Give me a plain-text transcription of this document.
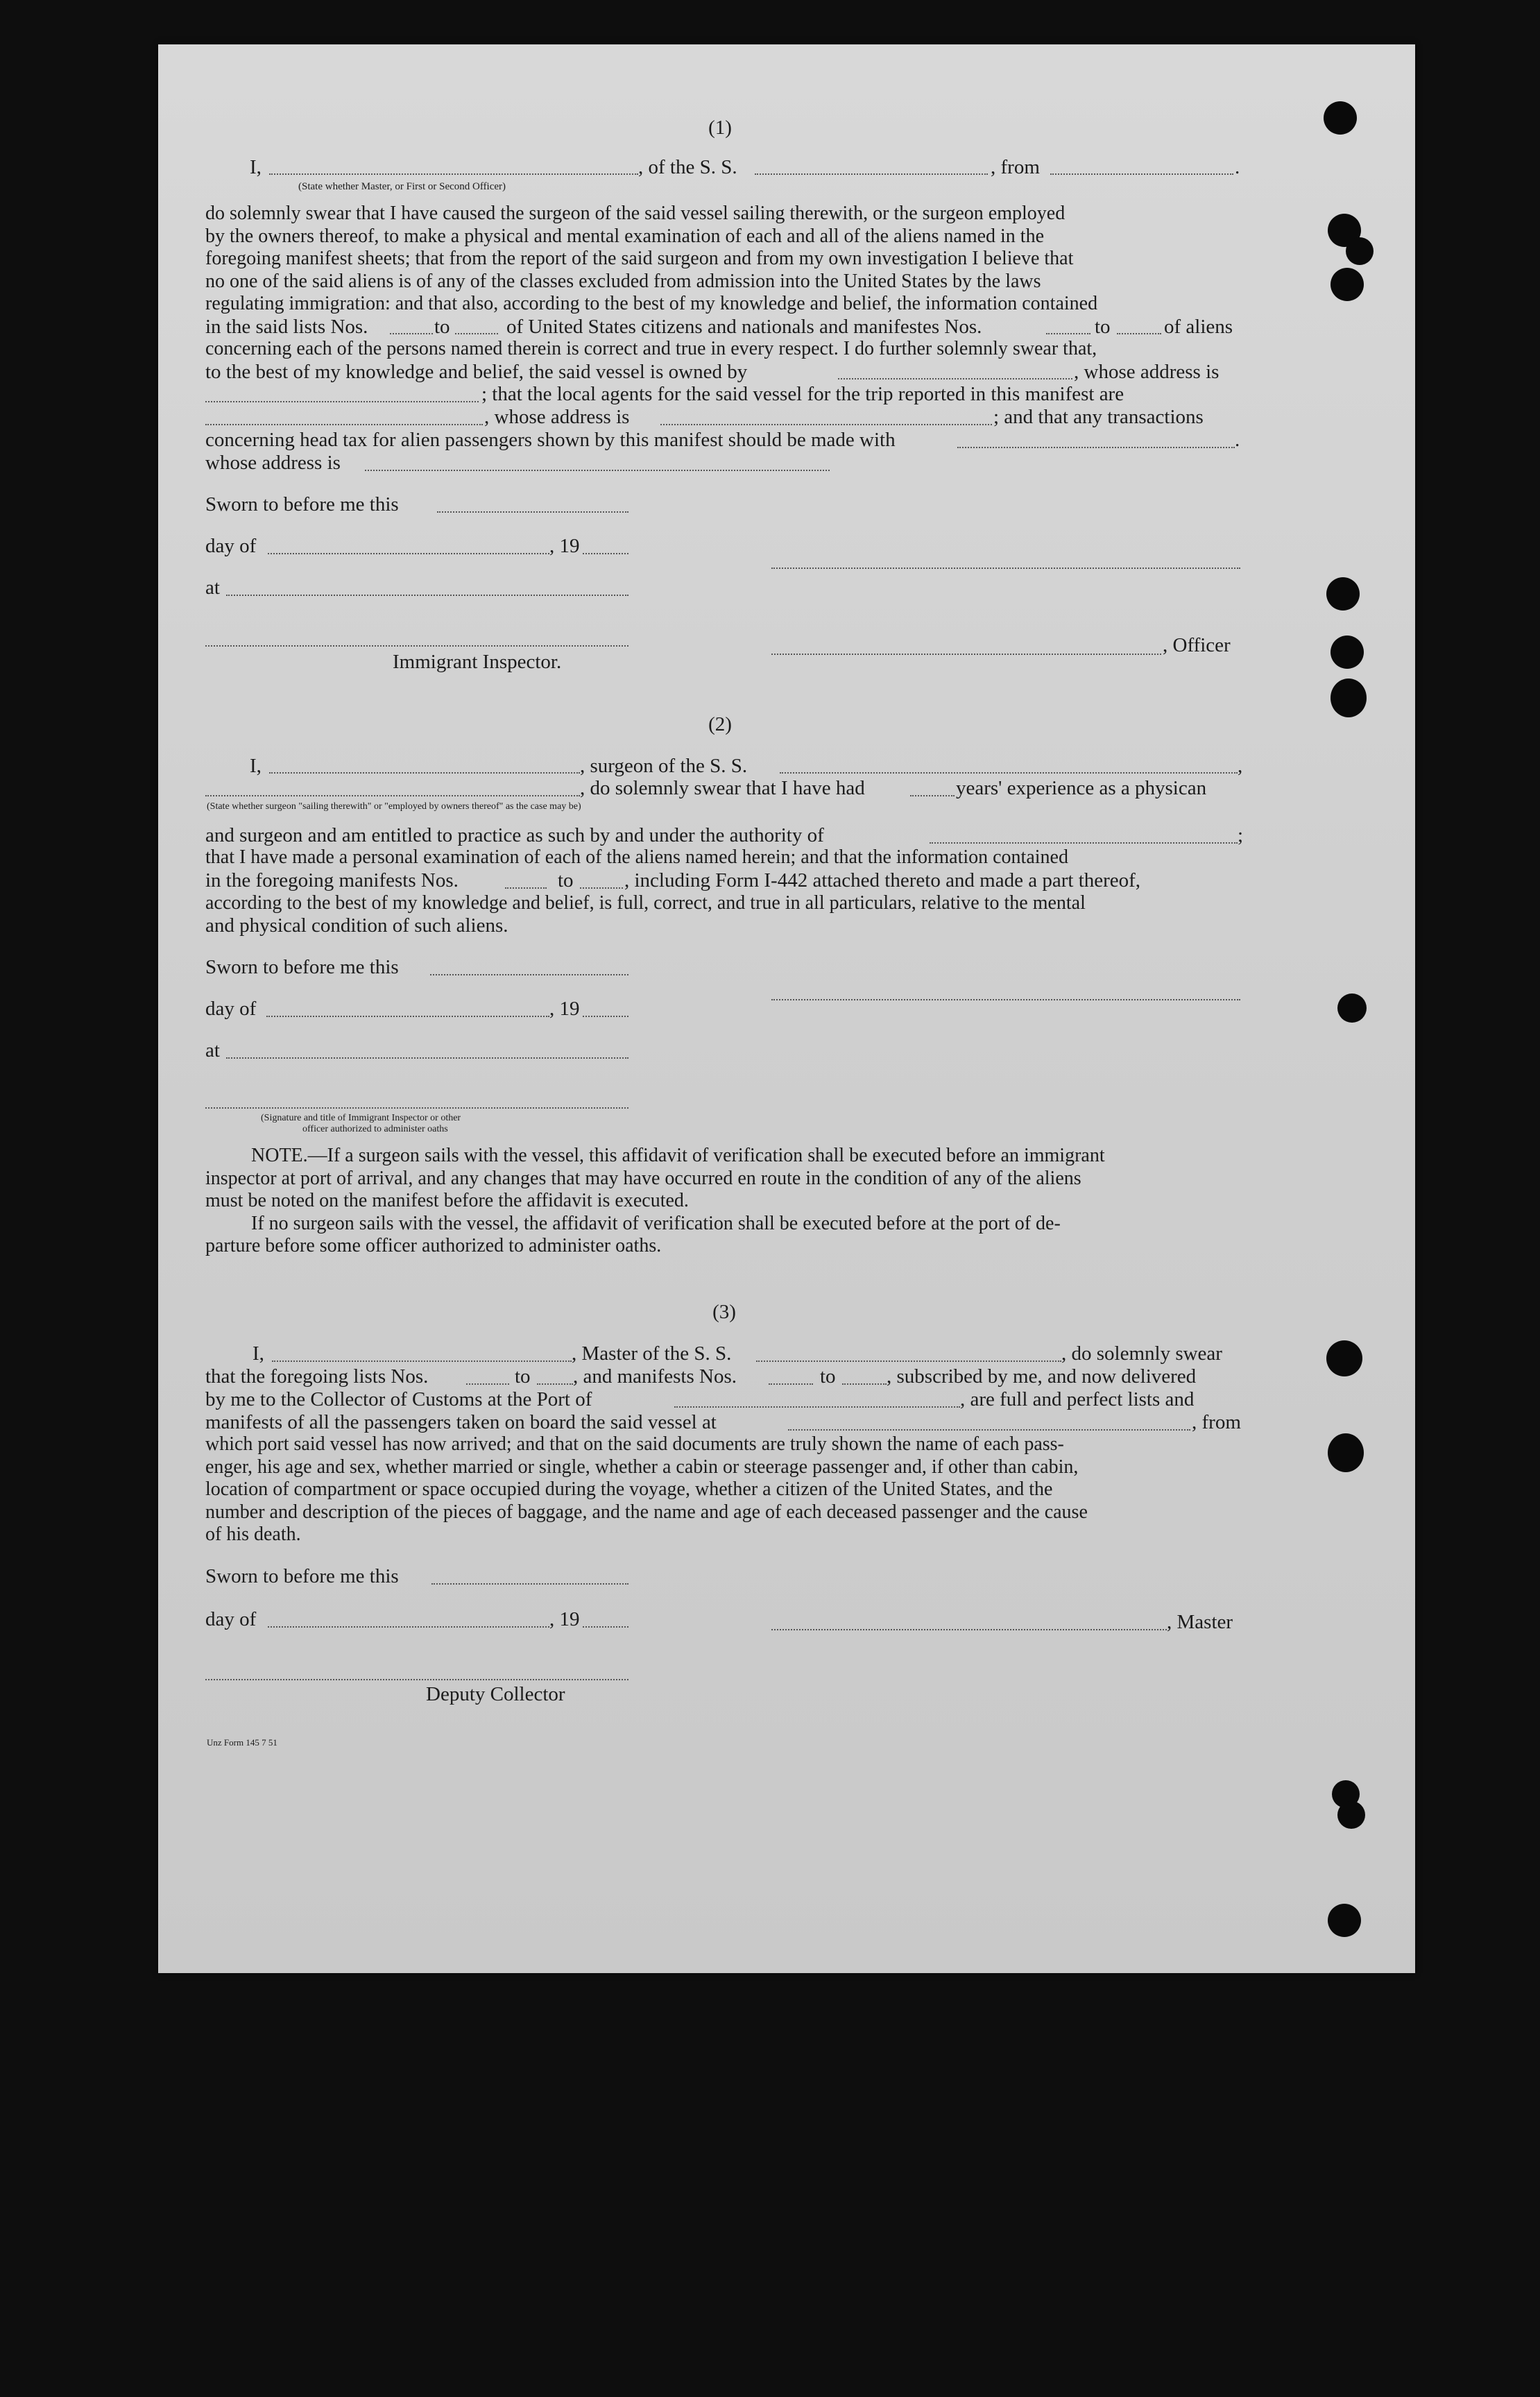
(1)
I,	, of the S. S.	, from	.
(State whether Master, or First or Second Officer)
do solemnly swear that I have caused the surgeon of the said vessel sailing therewith, or the surgeon employed
by the owners thereof, to make a physical and mental examination of each and all of the aliens named in the
foregoing manifest sheets; that from the report of the said surgeon and from my own investigation I believe that
no one of the said aliens is of any of the classes excluded from admission into the United States by the laws
regulating immigration: and that also, according to the best of my knowledge and belief, the information contained
in the said lists Nos.	to	of United States citizens and nationals and manifestes Nos.	to	of aliens
concerning each of the persons named therein is correct and true in every respect. I do further solemnly swear that,
to the best of my knowledge and belief, the said vessel is owned by	, whose address is
; that the local agents for the said vessel for the trip reported in this manifest are
, whose address is	; and that any transactions
concerning head tax for alien passengers shown by this manifest should be made with	.
whose address is
Sworn to before me this
day of	, 19
at
, Officer
Immigrant Inspector.
(2)
I,	, surgeon of the S. S.	,
, do solemnly swear that I have had	years' experience as a physican
(State whether surgeon "sailing therewith" or "employed by owners thereof" as the case may be)
and surgeon and am entitled to practice as such by and under the authority of	;
that I have made a personal examination of each of the aliens named herein; and that the information contained
in the foregoing manifests Nos.	to	, including Form I-442 attached thereto and made a part thereof,
according to the best of my knowledge and belief, is full, correct, and true in all particulars, relative to the mental
and physical condition of such aliens.
Sworn to before me this
day of	, 19
at
(Signature and title of Immigrant Inspector or other
officer authorized to administer oaths
NOTE.—If a surgeon sails with the vessel, this affidavit of verification shall be executed before an immigrant
inspector at port of arrival, and any changes that may have occurred en route in the condition of any of the aliens
must be noted on the manifest before the affidavit is executed.
If no surgeon sails with the vessel, the affidavit of verification shall be executed before at the port of de-
parture before some officer authorized to administer oaths.
(3)
I,	, Master of the S. S.	, do solemnly swear
that the foregoing lists Nos.	to , and manifests Nos.	to	, subscribed by me, and now delivered
by me to the Collector of Customs at the Port of	, are full and perfect lists and
manifests of all the passengers taken on board the said vessel at	, from
which port said vessel has now arrived; and that on the said documents are truly shown the name of each pass-
enger, his age and sex, whether married or single, whether a cabin or steerage passenger and, if other than cabin,
location of compartment or space occupied during the voyage, whether a citizen of the United States, and the
number and description of the pieces of baggage, and the name and age of each deceased passenger and the cause
of his death.
Sworn to before me this
day of	, 19	, Master
Deputy Collector
Unz Form 145 7 51
